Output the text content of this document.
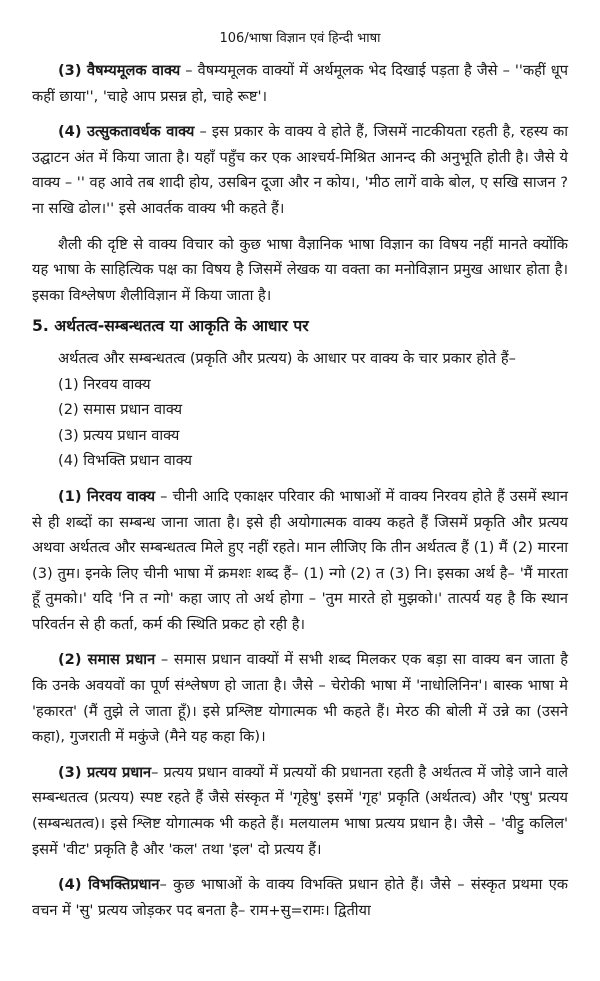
106/भाषा विज्ञान एवं हिन्दी भाषा

(3) वैषम्यमूलक वाक्य – वैषम्यमूलक वाक्यों में अर्थमूलक भेद दिखाई पड़ता है जैसे – ''कहीं धूप कहीं छाया'', 'चाहे आप प्रसन्न हो, चाहे रूष्ट'।

(4) उत्सुकतावर्धक वाक्य – इस प्रकार के वाक्य वे होते हैं, जिसमें नाटकीयता रहती है, रहस्य का उद्घाटन अंत में किया जाता है। यहाँ पहुँच कर एक आश्चर्य-मिश्रित आनन्द की अनुभूति होती है। जैसे ये वाक्य – '' वह आवे तब शादी होय, उसबिन दूजा और न कोय।, 'मीठ लागें वाके बोल, ए सखि साजन ? ना सखि ढोल।'' इसे आवर्तक वाक्य भी कहते हैं।

शैली की दृष्टि से वाक्य विचार को कुछ भाषा वैज्ञानिक भाषा विज्ञान का विषय नहीं मानते क्योंकि यह भाषा के साहित्यिक पक्ष का विषय है जिसमें लेखक या वक्ता का मनोविज्ञान प्रमुख आधार होता है। इसका विश्लेषण शैलीविज्ञान में किया जाता है।

5. अर्थतत्व-सम्बन्धतत्व या आकृति के आधार पर

अर्थतत्व और सम्बन्धतत्व (प्रकृति और प्रत्यय) के आधार पर वाक्य के चार प्रकार होते हैं–

(1) निरवय वाक्य
(2) समास प्रधान वाक्य
(3) प्रत्यय प्रधान वाक्य
(4) विभक्ति प्रधान वाक्य

(1) निरवय वाक्य – चीनी आदि एकाक्षर परिवार की भाषाओं में वाक्य निरवय होते हैं उसमें स्थान से ही शब्दों का सम्बन्ध जाना जाता है। इसे ही अयोगात्मक वाक्य कहते हैं जिसमें प्रकृति और प्रत्यय अथवा अर्थतत्व और सम्बन्धतत्व मिले हुए नहीं रहते। मान लीजिए कि तीन अर्थतत्व हैं (1) मैं (2) मारना (3) तुम। इनके लिए चीनी भाषा में क्रमशः शब्द हैं– (1) न्गो (2) त (3) नि। इसका अर्थ है– 'मैं मारता हूँ तुमको।' यदि 'नि त न्गो' कहा जाए तो अर्थ होगा – 'तुम मारते हो मुझको।' तात्पर्य यह है कि स्थान परिवर्तन से ही कर्ता, कर्म की स्थिति प्रकट हो रही है।

(2) समास प्रधान – समास प्रधान वाक्यों में सभी शब्द मिलकर एक बड़ा सा वाक्य बन जाता है कि उनके अवयवों का पूर्ण संश्लेषण हो जाता है। जैसे – चेरोकी भाषा में 'नाधोलिनिन'। बास्क भाषा मे 'हकारत' (मैं तुझे ले जाता हूँ)। इसे प्रश्लिष्ट योगात्मक भी कहते हैं। मेरठ की बोली में उन्ने का (उसने कहा), गुजराती में मकुंजे (मैने यह कहा कि)।

(3) प्रत्यय प्रधान– प्रत्यय प्रधान वाक्यों में प्रत्ययों की प्रधानता रहती है अर्थतत्व में जोड़े जाने वाले सम्बन्धतत्व (प्रत्यय) स्पष्ट रहते हैं जैसे संस्कृत में 'गृहेषु' इसमें 'गृह' प्रकृति (अर्थतत्व) और 'एषु' प्रत्यय (सम्बन्धतत्व)। इसे श्लिष्ट योगात्मक भी कहते हैं। मलयालम भाषा प्रत्यय प्रधान है। जैसे – 'वीट्टु कलिल' इसमें 'वीट' प्रकृति है और 'कल' तथा 'इल' दो प्रत्यय हैं।

(4) विभक्तिप्रधान– कुछ भाषाओं के वाक्य विभक्ति प्रधान होते हैं। जैसे – संस्कृत प्रथमा एक वचन में 'सु' प्रत्यय जोड़कर पद बनता है– राम+सु=रामः। द्वितीया
